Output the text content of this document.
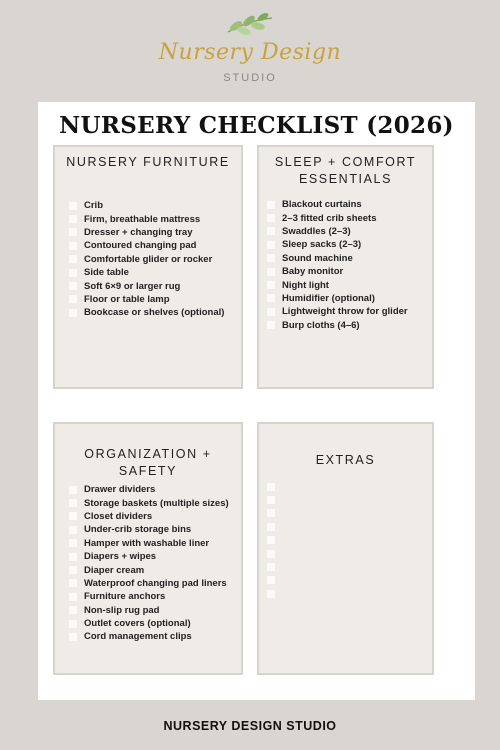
Nursery Design
STUDIO
NURSERY CHECKLIST (2026)
NURSERY FURNITURE
Crib
Firm, breathable mattress
Dresser + changing tray
Contoured changing pad
Comfortable glider or rocker
Side table
Soft 6×9 or larger rug
Floor or table lamp
Bookcase or shelves (optional)
SLEEP + COMFORT ESSENTIALS
Blackout curtains
2–3 fitted crib sheets
Swaddles (2–3)
Sleep sacks (2–3)
Sound machine
Baby monitor
Night light
Humidifier (optional)
Lightweight throw for glider
Burp cloths (4–6)
ORGANIZATION + SAFETY
Drawer dividers
Storage baskets (multiple sizes)
Closet dividers
Under-crib storage bins
Hamper with washable liner
Diapers + wipes
Diaper cream
Waterproof changing pad liners
Furniture anchors
Non-slip rug pad
Outlet covers (optional)
Cord management clips
EXTRAS
NURSERY DESIGN STUDIO
